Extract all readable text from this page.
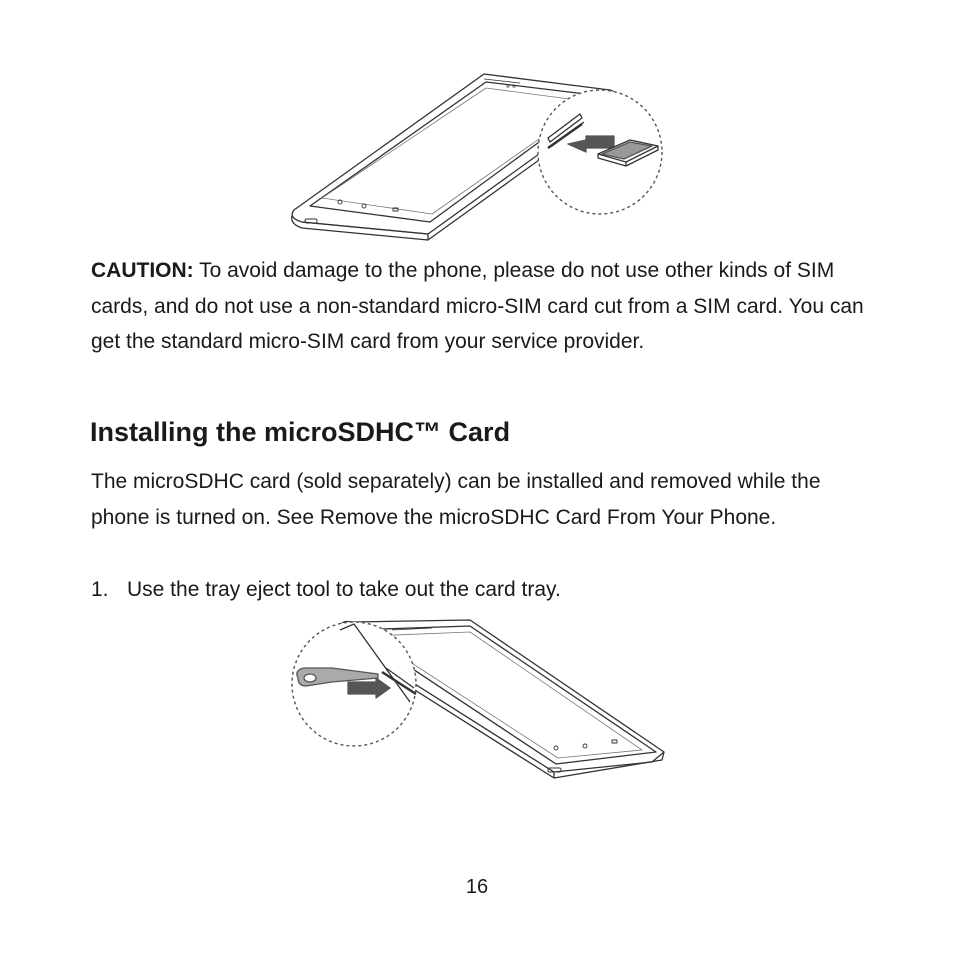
CAUTION: To avoid damage to the phone, please do not use other kinds of SIM cards, and do not use a non-standard micro-SIM card cut from a SIM card. You can get the standard micro-SIM card from your service provider.

Installing the microSDHC™ Card

The microSDHC card (sold separately) can be installed and removed while the phone is turned on. See Remove the microSDHC Card From Your Phone.

1. Use the tray eject tool to take out the card tray.
16
